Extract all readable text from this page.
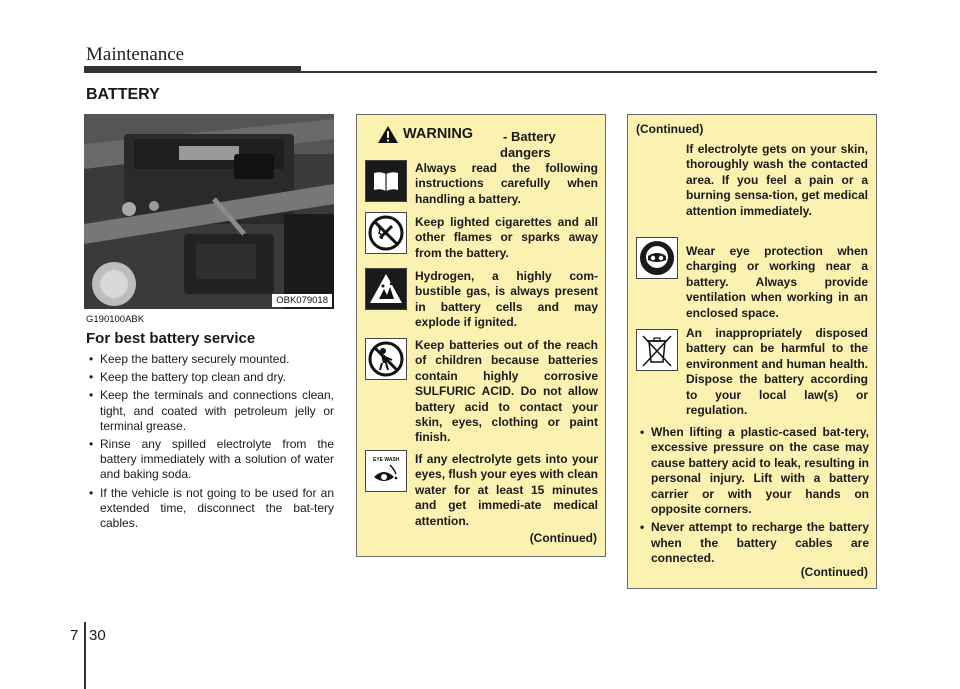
Maintenance
BATTERY
OBK079018
G190100ABK
For best battery service
• Keep the battery securely mounted.
• Keep the battery top clean and dry.
• Keep the terminals and connections clean, tight, and coated with petroleum jelly or terminal grease.
• Rinse any spilled electrolyte from the battery immediately with a solution of water and baking soda.
• If the vehicle is not going to be used for an extended time, disconnect the bat-tery cables.
WARNING - Battery
dangers
Always read the following instructions carefully when handling a battery.
Keep lighted cigarettes and all other flames or sparks away from the battery.
Hydrogen, a highly com-bustible gas, is always present in battery cells and may explode if ignited.
Keep batteries out of the reach of children because batteries contain highly corrosive SULFURIC ACID. Do not allow battery acid to contact your skin, eyes, clothing or paint finish.
EYE WASH If any electrolyte gets into your eyes, flush your eyes with clean water for at least 15 minutes and get immedi-ate medical attention.
(Continued)
(Continued)
If electrolyte gets on your skin, thoroughly wash the contacted area. If you feel a pain or a burning sensa-tion, get medical attention immediately.
Wear eye protection when charging or working near a battery. Always provide ventilation when working in an enclosed space.
An inappropriately disposed battery can be harmful to the environment and human health. Dispose the battery according to your local law(s) or regulation.
• When lifting a plastic-cased bat-tery, excessive pressure on the case may cause battery acid to leak, resulting in personal injury. Lift with a battery carrier or with your hands on opposite corners.
• Never attempt to recharge the battery when the battery cables are connected.
(Continued)
7 30
